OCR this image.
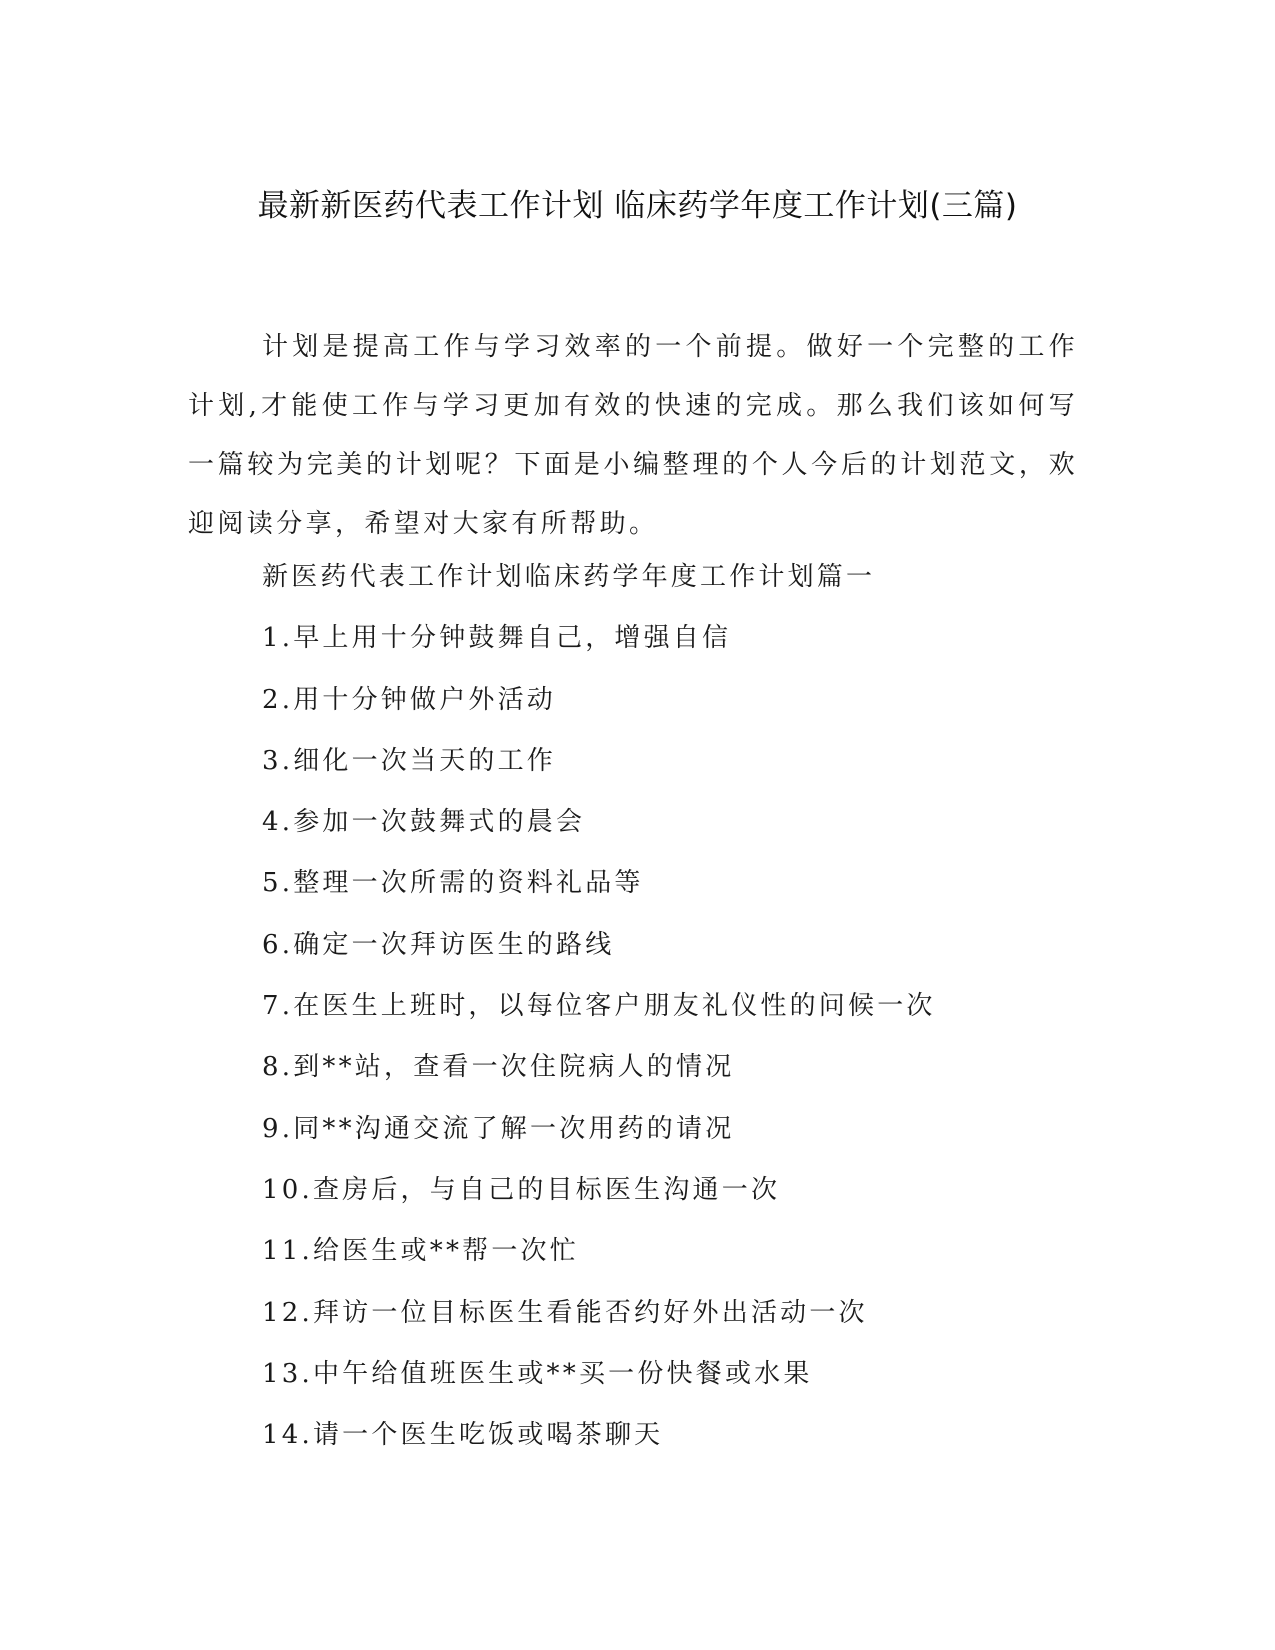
最新新医药代表工作计划 临床药学年度工作计划(三篇)

计划是提高工作与学习效率的一个前提。做好一个完整的工作计划,才能使工作与学习更加有效的快速的完成。那么我们该如何写一篇较为完美的计划呢？下面是小编整理的个人今后的计划范文，欢迎阅读分享，希望对大家有所帮助。

新医药代表工作计划临床药学年度工作计划篇一
1.早上用十分钟鼓舞自己，增强自信
2.用十分钟做户外活动
3.细化一次当天的工作
4.参加一次鼓舞式的晨会
5.整理一次所需的资料礼品等
6.确定一次拜访医生的路线
7.在医生上班时，以每位客户朋友礼仪性的问候一次
8.到**站，查看一次住院病人的情况
9.同**沟通交流了解一次用药的请况
10.查房后，与自己的目标医生沟通一次
11.给医生或**帮一次忙
12.拜访一位目标医生看能否约好外出活动一次
13.中午给值班医生或**买一份快餐或水果
14.请一个医生吃饭或喝茶聊天
